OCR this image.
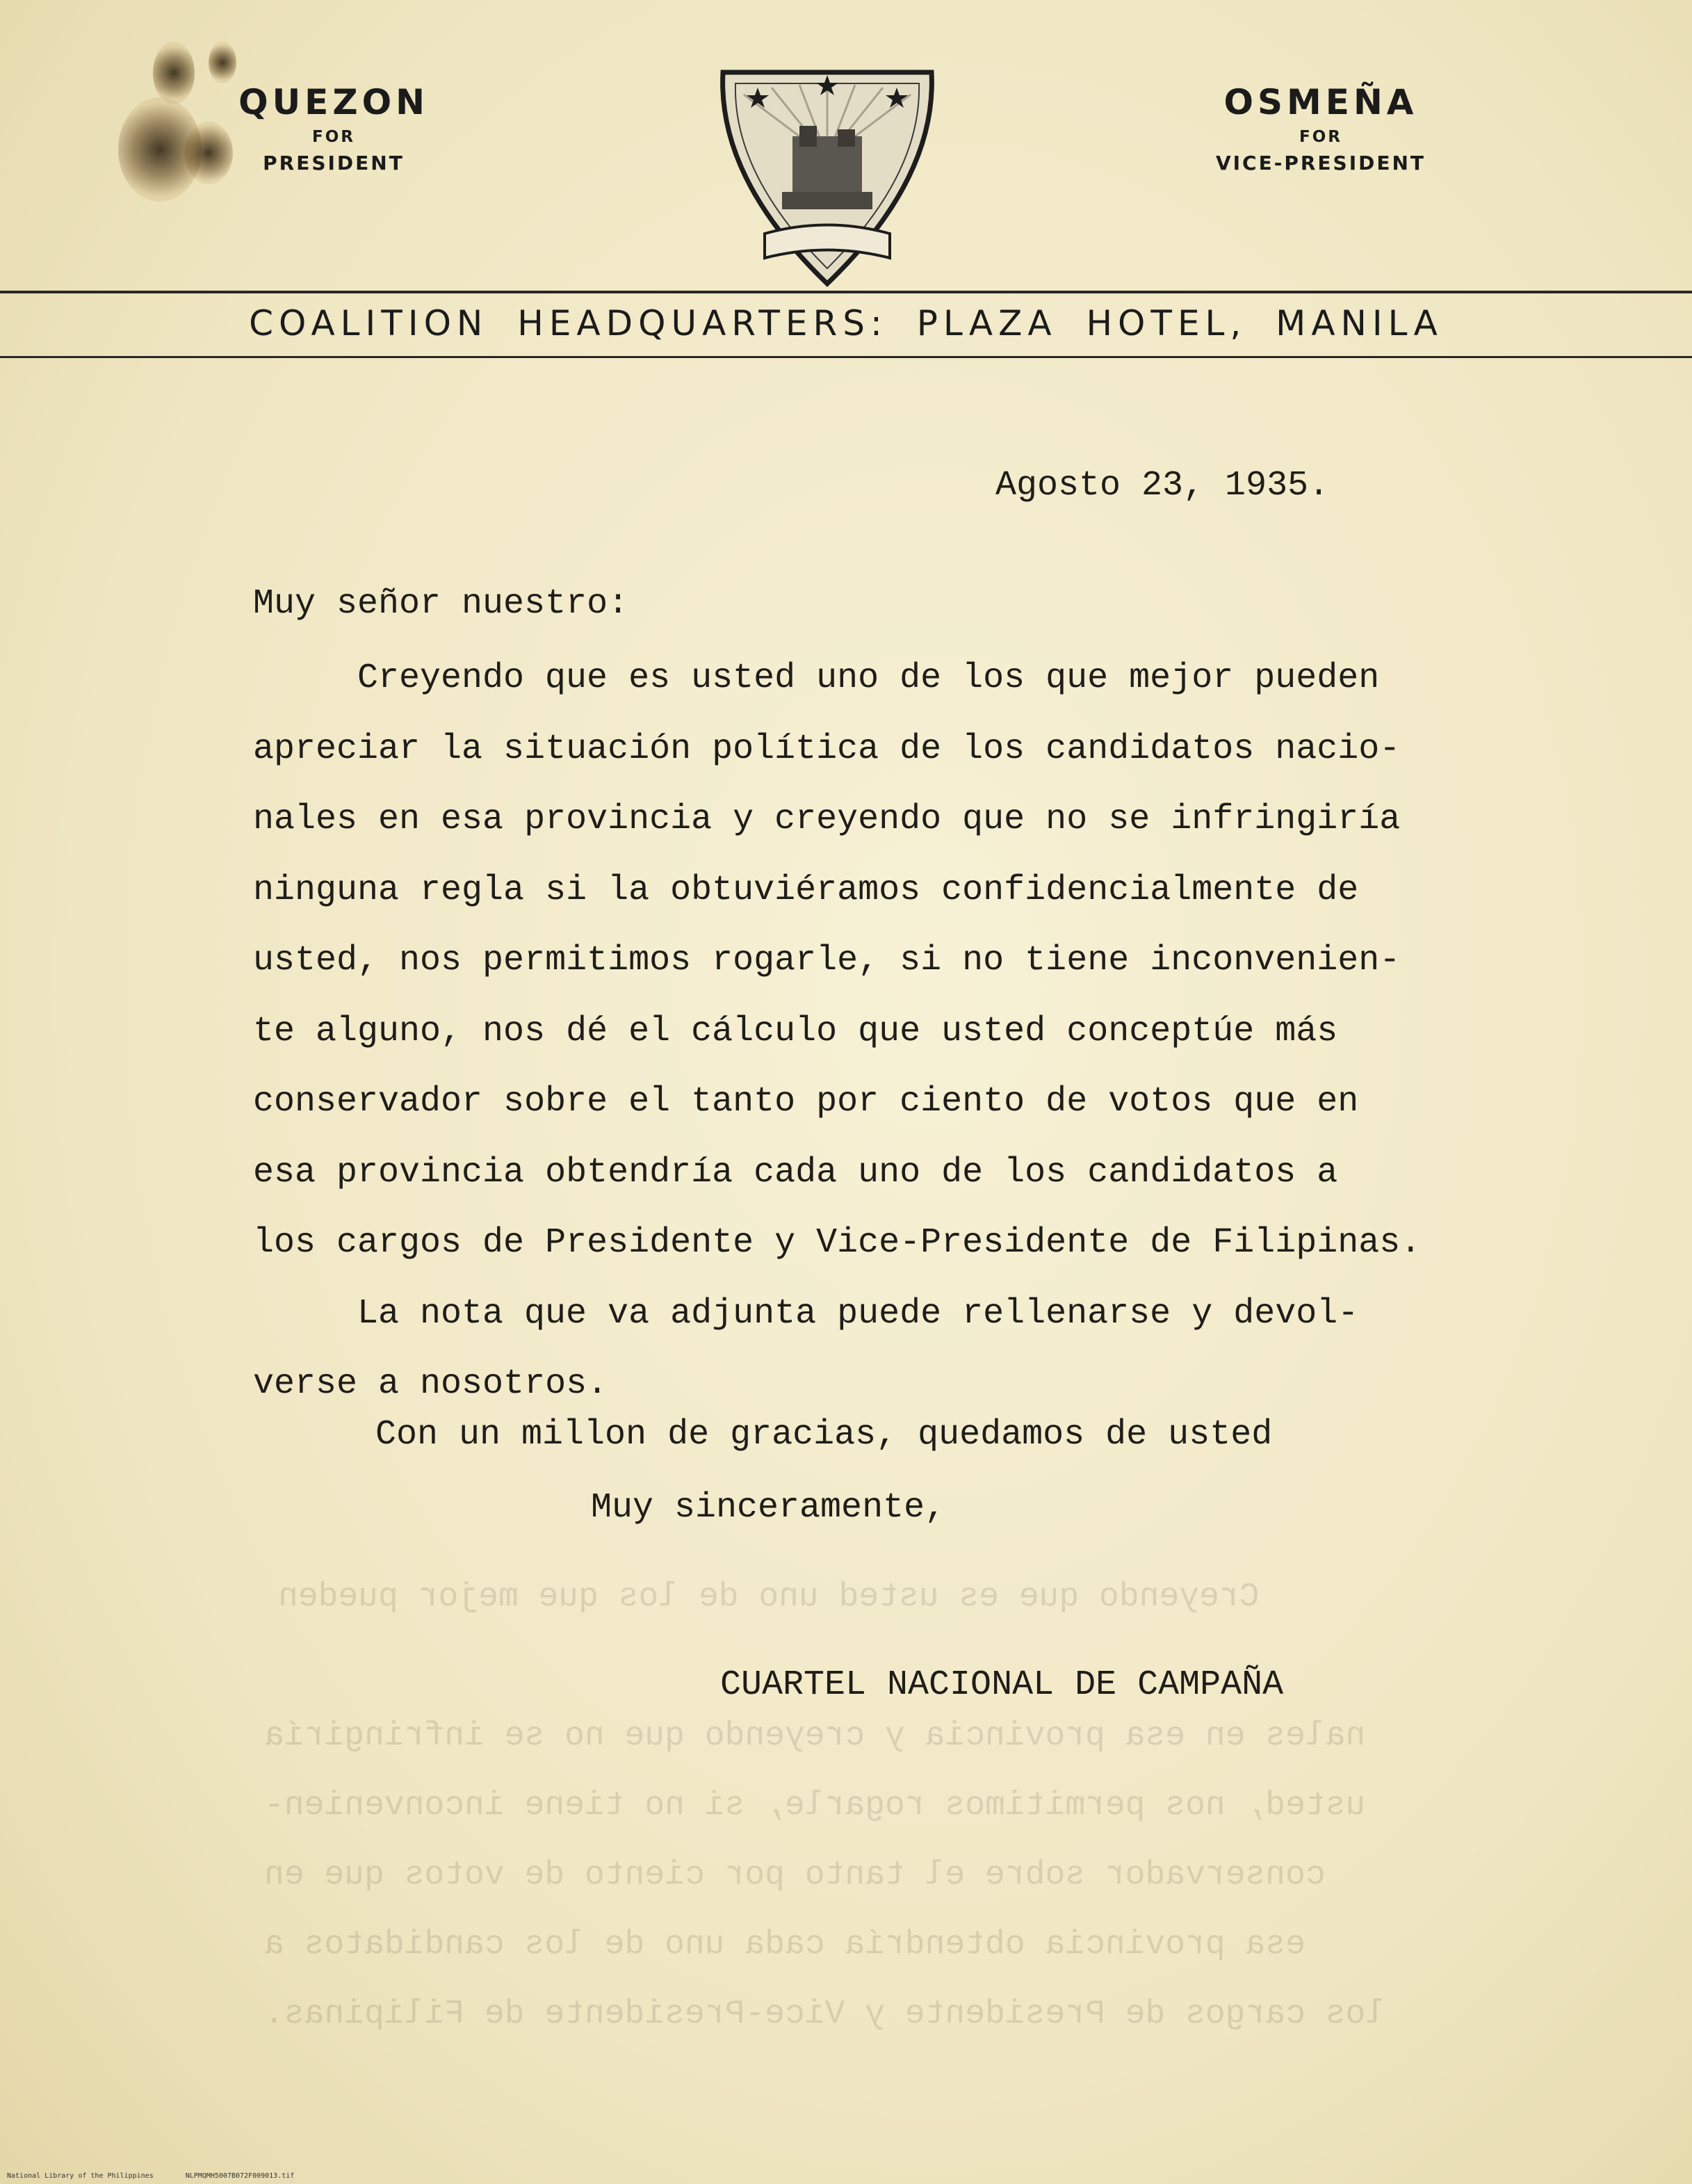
QUEZON
FOR
PRESIDENT
OSMEÑA
FOR
VICE-PRESIDENT
COALITION HEADQUARTERS: PLAZA HOTEL, MANILA
Agosto 23, 1935.
Muy señor nuestro:
Creyendo que es usted uno de los que mejor pueden
apreciar la situación política de los candidatos nacio-
nales en esa provincia y creyendo que no se infringiría
ninguna regla si la obtuviéramos confidencialmente de
usted, nos permitimos rogarle, si no tiene inconvenien-
te alguno, nos dé el cálculo que usted conceptúe más
conservador sobre el tanto por ciento de votos que en
esa provincia obtendría cada uno de los candidatos a
los cargos de Presidente y Vice-Presidente de Filipinas.
La nota que va adjunta puede rellenarse y devol-
verse a nosotros.
Con un millon de gracias, quedamos de usted
Muy sinceramente,
CUARTEL NACIONAL DE CAMPAÑA
Creyendo que es usted uno de los que mejor pueden
nales en esa provincia y creyendo que no se infringiría
usted, nos permitimos rogarle, si no tiene inconvenien-
conservador sobre el tanto por ciento de votos que en
esa provincia obtendría cada uno de los candidatos a
los cargos de Presidente y Vice-Presidente de Filipinas.
National Library of the Philippines	NLPMQMH5007B072F009013.tif
